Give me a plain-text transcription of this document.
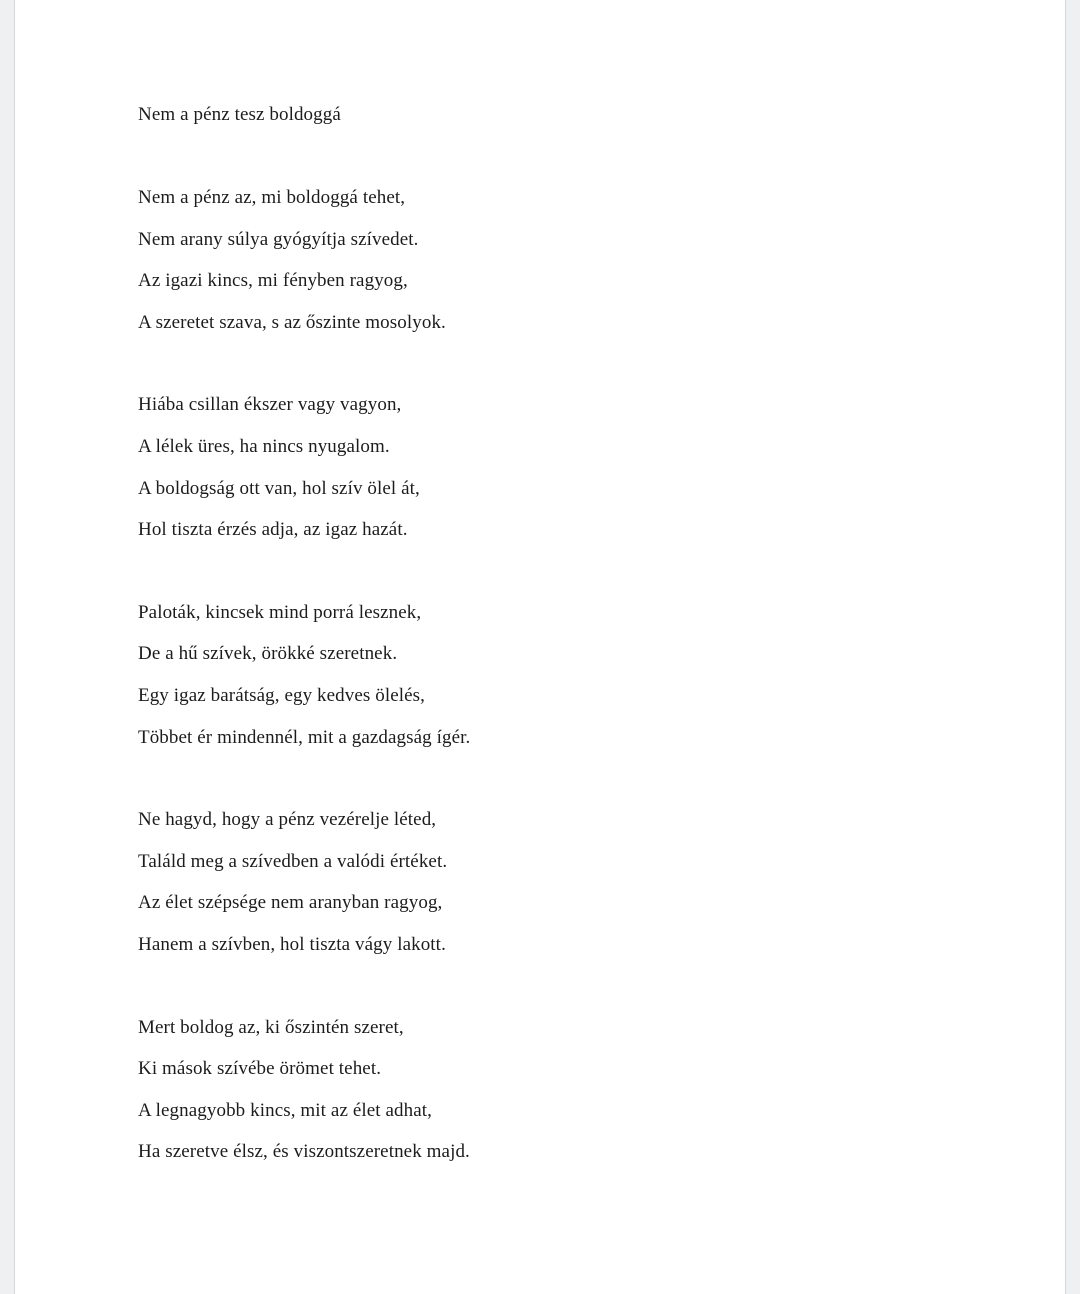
Nem a pénz tesz boldoggá
Nem a pénz az, mi boldoggá tehet,
Nem arany súlya gyógyítja szívedet.
Az igazi kincs, mi fényben ragyog,
A szeretet szava, s az őszinte mosolyok.
Hiába csillan ékszer vagy vagyon,
A lélek üres, ha nincs nyugalom.
A boldogság ott van, hol szív ölel át,
Hol tiszta érzés adja, az igaz hazát.
Paloták, kincsek mind porrá lesznek,
De a hű szívek, örökké szeretnek.
Egy igaz barátság, egy kedves ölelés,
Többet ér mindennél, mit a gazdagság ígér.
Ne hagyd, hogy a pénz vezérelje léted,
Találd meg a szívedben a valódi értéket.
Az élet szépsége nem aranyban ragyog,
Hanem a szívben, hol tiszta vágy lakott.
Mert boldog az, ki őszintén szeret,
Ki mások szívébe örömet tehet.
A legnagyobb kincs, mit az élet adhat,
Ha szeretve élsz, és viszontszeretnek majd.
